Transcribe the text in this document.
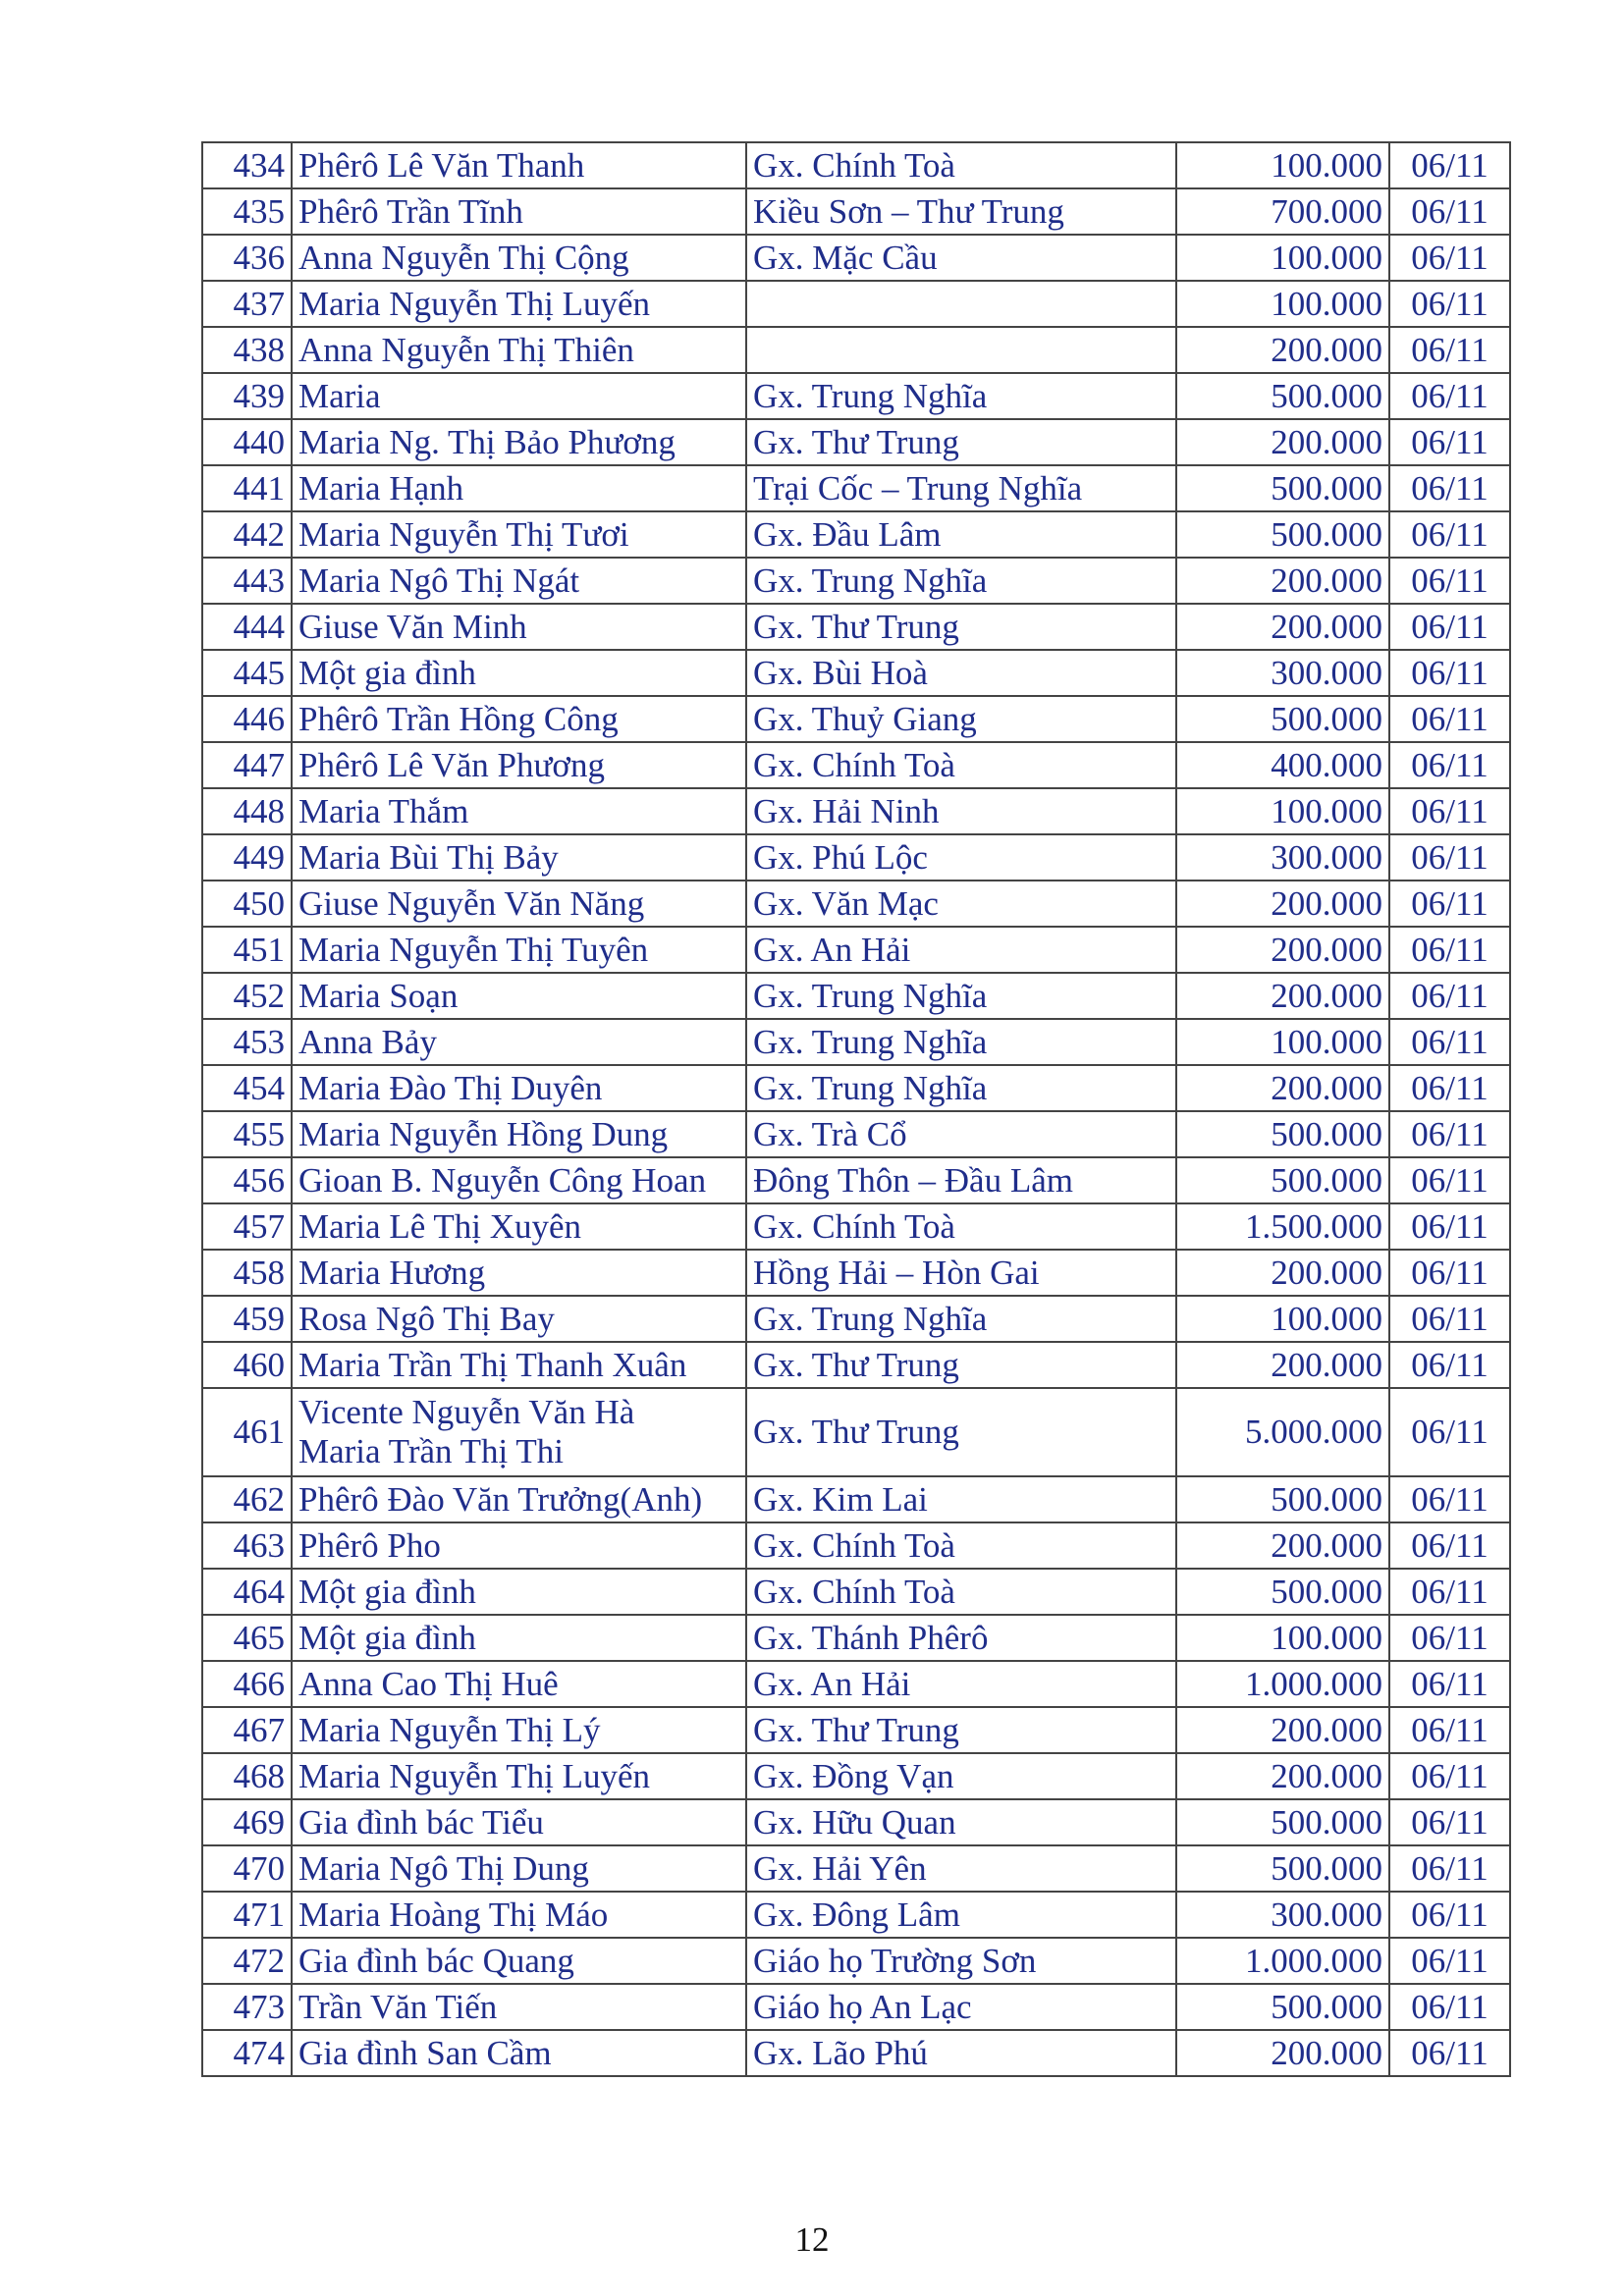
434	Phêrô Lê Văn Thanh	Gx. Chính Toà	100.000	06/11
435	Phêrô Trần Tĩnh	Kiều Sơn – Thư Trung	700.000	06/11
436	Anna Nguyễn Thị Cộng	Gx. Mặc Cầu	100.000	06/11
437	Maria Nguyễn Thị Luyến		100.000	06/11
438	Anna Nguyễn Thị Thiên		200.000	06/11
439	Maria	Gx. Trung Nghĩa	500.000	06/11
440	Maria Ng. Thị Bảo Phương	Gx. Thư Trung	200.000	06/11
441	Maria Hạnh	Trại Cốc – Trung Nghĩa	500.000	06/11
442	Maria Nguyễn Thị Tươi	Gx. Đầu Lâm	500.000	06/11
443	Maria Ngô Thị Ngát	Gx. Trung Nghĩa	200.000	06/11
444	Giuse Văn Minh	Gx. Thư Trung	200.000	06/11
445	Một gia đình	Gx. Bùi Hoà	300.000	06/11
446	Phêrô Trần Hồng Công	Gx. Thuỷ Giang	500.000	06/11
447	Phêrô Lê Văn Phương	Gx. Chính Toà	400.000	06/11
448	Maria Thắm	Gx. Hải Ninh	100.000	06/11
449	Maria Bùi Thị Bảy	Gx. Phú Lộc	300.000	06/11
450	Giuse Nguyễn Văn Năng	Gx. Văn Mạc	200.000	06/11
451	Maria Nguyễn Thị Tuyên	Gx. An Hải	200.000	06/11
452	Maria Soạn	Gx. Trung Nghĩa	200.000	06/11
453	Anna Bảy	Gx. Trung Nghĩa	100.000	06/11
454	Maria Đào Thị Duyên	Gx. Trung Nghĩa	200.000	06/11
455	Maria Nguyễn Hồng Dung	Gx. Trà Cổ	500.000	06/11
456	Gioan B. Nguyễn Công Hoan	Đông Thôn – Đầu Lâm	500.000	06/11
457	Maria Lê Thị Xuyên	Gx. Chính Toà	1.500.000	06/11
458	Maria Hương	Hồng Hải – Hòn Gai	200.000	06/11
459	Rosa Ngô Thị Bay	Gx. Trung Nghĩa	100.000	06/11
460	Maria Trần Thị Thanh Xuân	Gx. Thư Trung	200.000	06/11
461	Vicente Nguyễn Văn Hà
Maria Trần Thị Thi	Gx. Thư Trung	5.000.000	06/11
462	Phêrô Đào Văn Trưởng(Anh)	Gx. Kim Lai	500.000	06/11
463	Phêrô Pho	Gx. Chính Toà	200.000	06/11
464	Một gia đình	Gx. Chính Toà	500.000	06/11
465	Một gia đình	Gx. Thánh Phêrô	100.000	06/11
466	Anna Cao Thị Huê	Gx. An Hải	1.000.000	06/11
467	Maria Nguyễn Thị Lý	Gx. Thư Trung	200.000	06/11
468	Maria Nguyễn Thị Luyến	Gx. Đồng Vạn	200.000	06/11
469	Gia đình bác Tiểu	Gx. Hữu Quan	500.000	06/11
470	Maria Ngô Thị Dung	Gx. Hải Yên	500.000	06/11
471	Maria Hoàng Thị Máo	Gx. Đông Lâm	300.000	06/11
472	Gia đình bác Quang	Giáo họ Trường Sơn	1.000.000	06/11
473	Trần Văn Tiến	Giáo họ An Lạc	500.000	06/11
474	Gia đình San Cầm	Gx. Lão Phú	200.000	06/11
12
